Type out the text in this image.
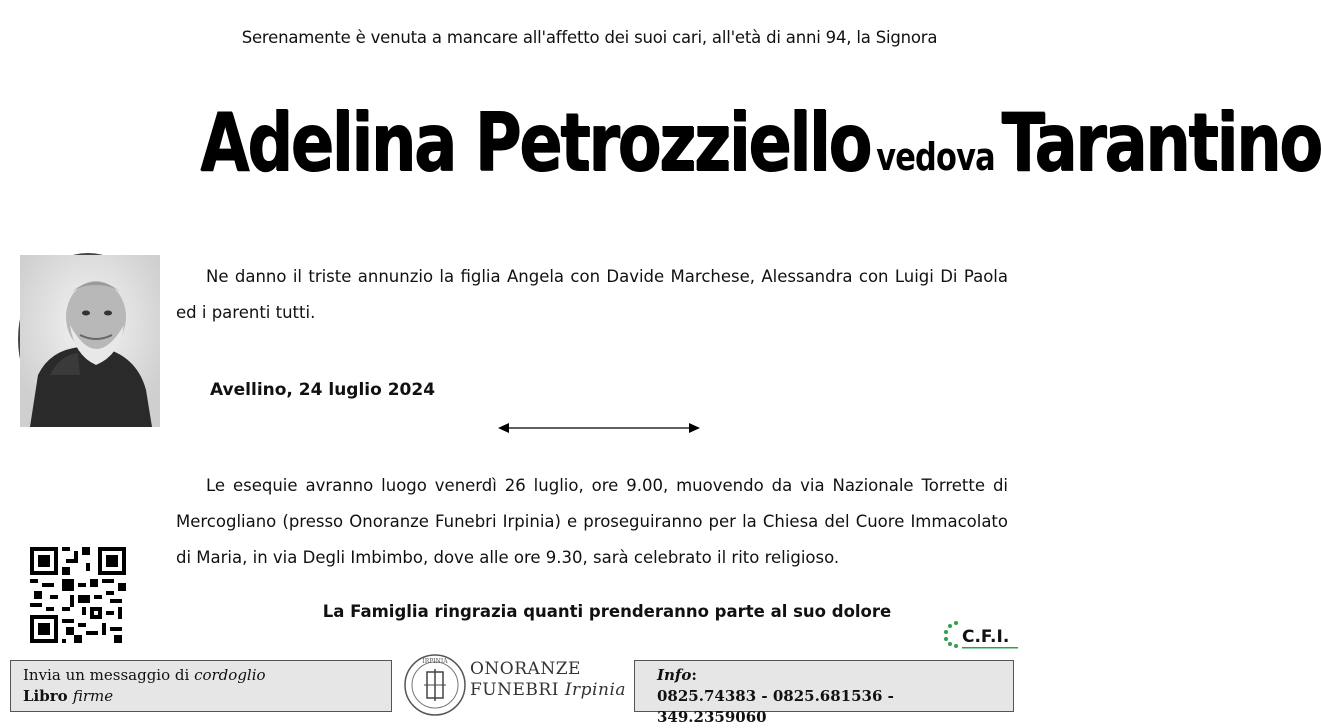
Serenamente è venuta a mancare all'affetto dei suoi cari, all'età di anni 94, la Signora
Adelina Petrozziello vedovaTarantino
Ne danno il triste annunzio la figlia Angela con Davide Marchese, Alessandra con Luigi Di Paola ed i parenti tutti.
Avellino, 24 luglio 2024
Le esequie avranno luogo venerdì 26 luglio, ore 9.00, muovendo da via Nazionale Torrette di Mercogliano (presso Onoranze Funebri Irpinia) e proseguiranno per la Chiesa del Cuore Immacolato di Maria, in via Degli Imbimbo, dove alle ore 9.30, sarà celebrato il rito religioso.
La Famiglia ringrazia quanti prenderanno parte al suo dolore
C.F.I.
Invia un messaggio di cordoglio
Libro firme
IRPINIA ONORANZE
FUNEBRI Irpinia
Info:
0825.74383 - 0825.681536 - 349.2359060
